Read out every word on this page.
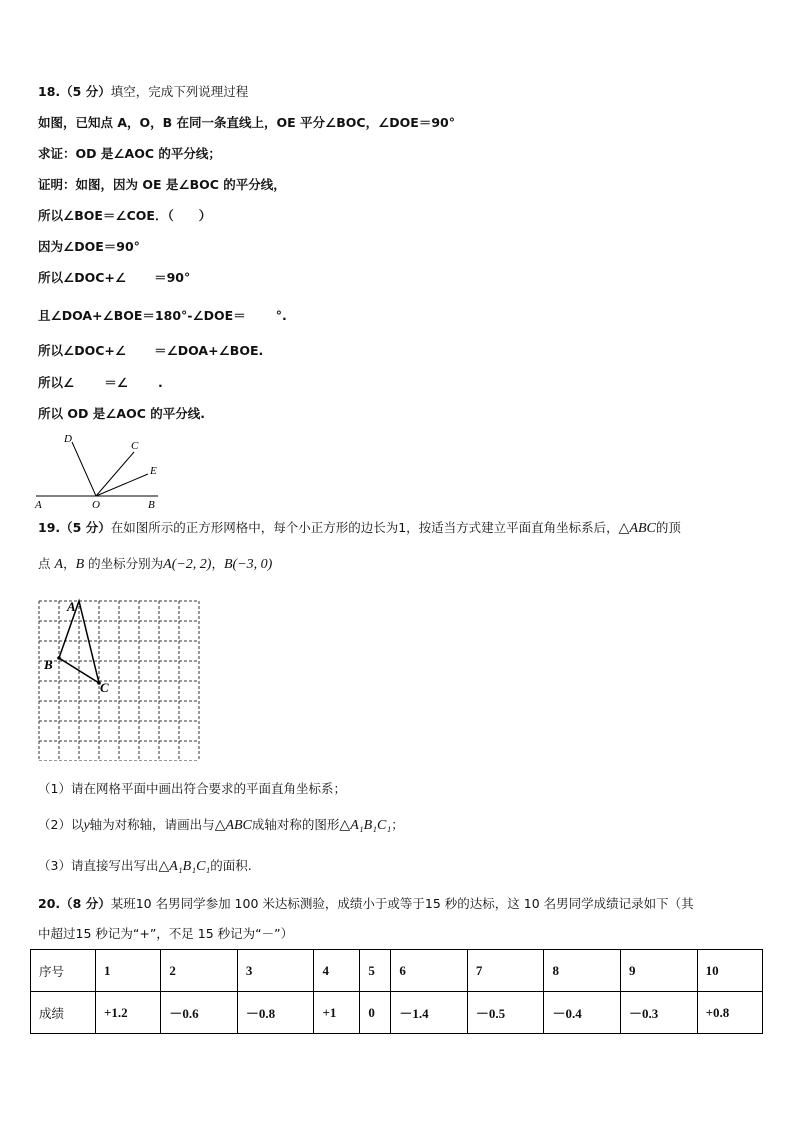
18.（5 分）填空，完成下列说理过程
如图，已知点 A，O，B 在同一条直线上，OE 平分∠BOC，∠DOE＝90°
求证：OD 是∠AOC 的平分线；
证明：如图，因为 OE 是∠BOC 的平分线，
所以∠BOE＝∠COE．（　　）
因为∠DOE＝90°
所以∠DOC+∠ ＝90°
且∠DOA+∠BOE＝180°-∠DOE＝ °.
所以∠DOC+∠ ＝∠DOA+∠BOE.
所以∠ ＝∠ .
所以 OD 是∠AOC 的平分线.
D
C
E
A	O	B
19.（5 分）在如图所示的正方形网格中，每个小正方形的边长为1，按适当方式建立平面直角坐标系后，△ABC的顶
点 A，B 的坐标分别为A(−2, 2)，B(−3, 0)
A
B
C
（1）请在网格平面中画出符合要求的平面直角坐标系；
（2）以y轴为对称轴，请画出与△ABC成轴对称的图形△A₁B₁C₁；
（3）请直接写出写出△A₁B₁C₁的面积.
20.（8 分）某班10 名男同学参加 100 米达标测验，成绩小于或等于15 秒的达标，这 10 名男同学成绩记录如下（其
中超过15 秒记为“+”，不足 15 秒记为“－”）
序号	1	2	3	4	5	6	7	8	9	10
成绩	+1.2	－0.6	－0.8	+1	0	－1.4	－0.5	－0.4	－0.3	+0.8
